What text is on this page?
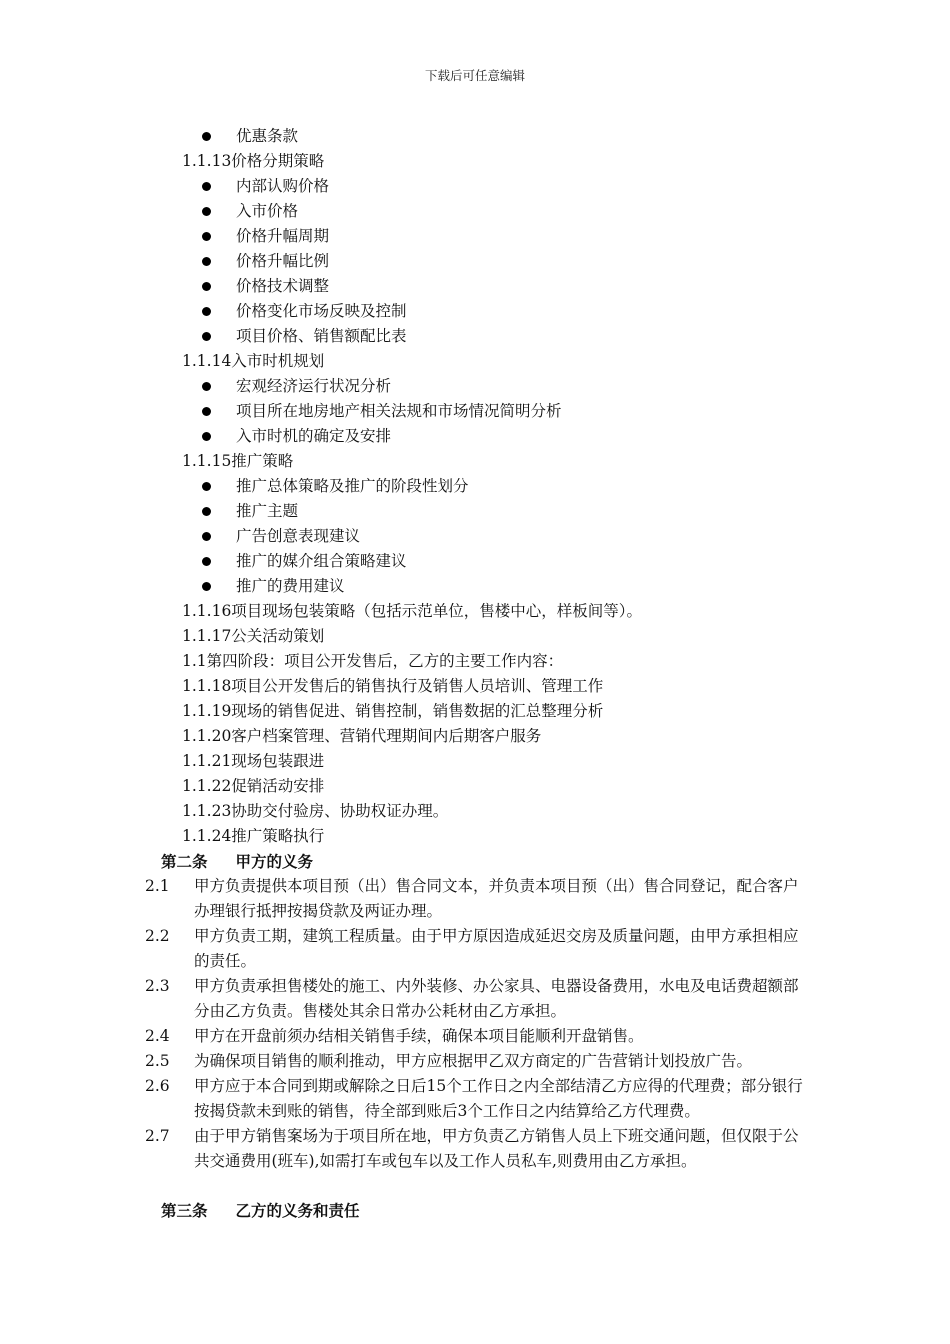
下载后可任意编辑
优惠条款
1.1.13价格分期策略
内部认购价格
入市价格
价格升幅周期
价格升幅比例
价格技术调整
价格变化市场反映及控制
项目价格、销售额配比表
1.1.14入市时机规划
宏观经济运行状况分析
项目所在地房地产相关法规和市场情况简明分析
入市时机的确定及安排
1.1.15推广策略
推广总体策略及推广的阶段性划分
推广主题
广告创意表现建议
推广的媒介组合策略建议
推广的费用建议
1.1.16项目现场包装策略（包括示范单位，售楼中心，样板间等）。
1.1.17公关活动策划
1.1第四阶段：项目公开发售后，乙方的主要工作内容：
1.1.18项目公开发售后的销售执行及销售人员培训、管理工作
1.1.19现场的销售促进、销售控制，销售数据的汇总整理分析
1.1.20客户档案管理、营销代理期间内后期客户服务
1.1.21现场包装跟进
1.1.22促销活动安排
1.1.23协助交付验房、协助权证办理。
1.1.24推广策略执行
第二条 甲方的义务
2.1 甲方负责提供本项目预（出）售合同文本，并负责本项目预（出）售合同登记，配合客户办理银行抵押按揭贷款及两证办理。
2.2 甲方负责工期，建筑工程质量。由于甲方原因造成延迟交房及质量问题，由甲方承担相应的责任。
2.3 甲方负责承担售楼处的施工、内外装修、办公家具、电器设备费用，水电及电话费超额部分由乙方负责。售楼处其余日常办公耗材由乙方承担。
2.4 甲方在开盘前须办结相关销售手续，确保本项目能顺利开盘销售。
2.5 为确保项目销售的顺利推动，甲方应根据甲乙双方商定的广告营销计划投放广告。
2.6 甲方应于本合同到期或解除之日后15个工作日之内全部结清乙方应得的代理费；部分银行按揭贷款未到账的销售，待全部到账后3个工作日之内结算给乙方代理费。
2.7 由于甲方销售案场为于项目所在地，甲方负责乙方销售人员上下班交通问题，但仅限于公共交通费用(班车),如需打车或包车以及工作人员私车,则费用由乙方承担。
第三条 乙方的义务和责任
